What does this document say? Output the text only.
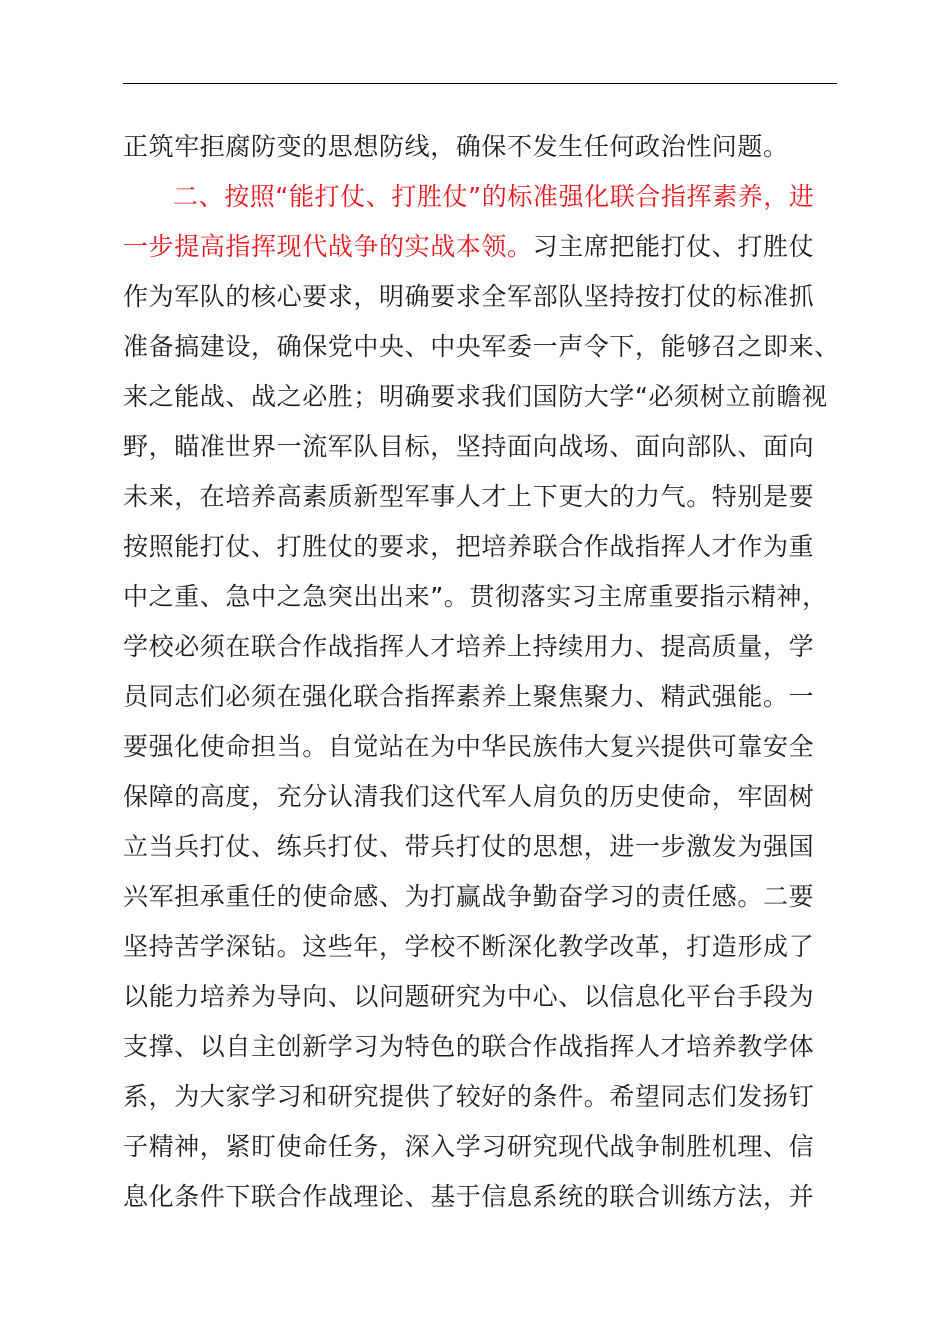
正筑牢拒腐防变的思想防线，确保不发生任何政治性问题。
二、按照“能打仗、打胜仗”的标准强化联合指挥素养，进
一步提高指挥现代战争的实战本领。习主席把能打仗、打胜仗
作为军队的核心要求，明确要求全军部队坚持按打仗的标准抓
准备搞建设，确保党中央、中央军委一声令下，能够召之即来、
来之能战、战之必胜；明确要求我们国防大学“必须树立前瞻视
野，瞄准世界一流军队目标，坚持面向战场、面向部队、面向
未来，在培养高素质新型军事人才上下更大的力气。特别是要
按照能打仗、打胜仗的要求，把培养联合作战指挥人才作为重
中之重、急中之急突出出来”。贯彻落实习主席重要指示精神，
学校必须在联合作战指挥人才培养上持续用力、提高质量，学
员同志们必须在强化联合指挥素养上聚焦聚力、精武强能。一
要强化使命担当。自觉站在为中华民族伟大复兴提供可靠安全
保障的高度，充分认清我们这代军人肩负的历史使命，牢固树
立当兵打仗、练兵打仗、带兵打仗的思想，进一步激发为强国
兴军担承重任的使命感、为打赢战争勤奋学习的责任感。二要
坚持苦学深钻。这些年，学校不断深化教学改革，打造形成了
以能力培养为导向、以问题研究为中心、以信息化平台手段为
支撑、以自主创新学习为特色的联合作战指挥人才培养教学体
系，为大家学习和研究提供了较好的条件。希望同志们发扬钉
子精神，紧盯使命任务，深入学习研究现代战争制胜机理、信
息化条件下联合作战理论、基于信息系统的联合训练方法，并
